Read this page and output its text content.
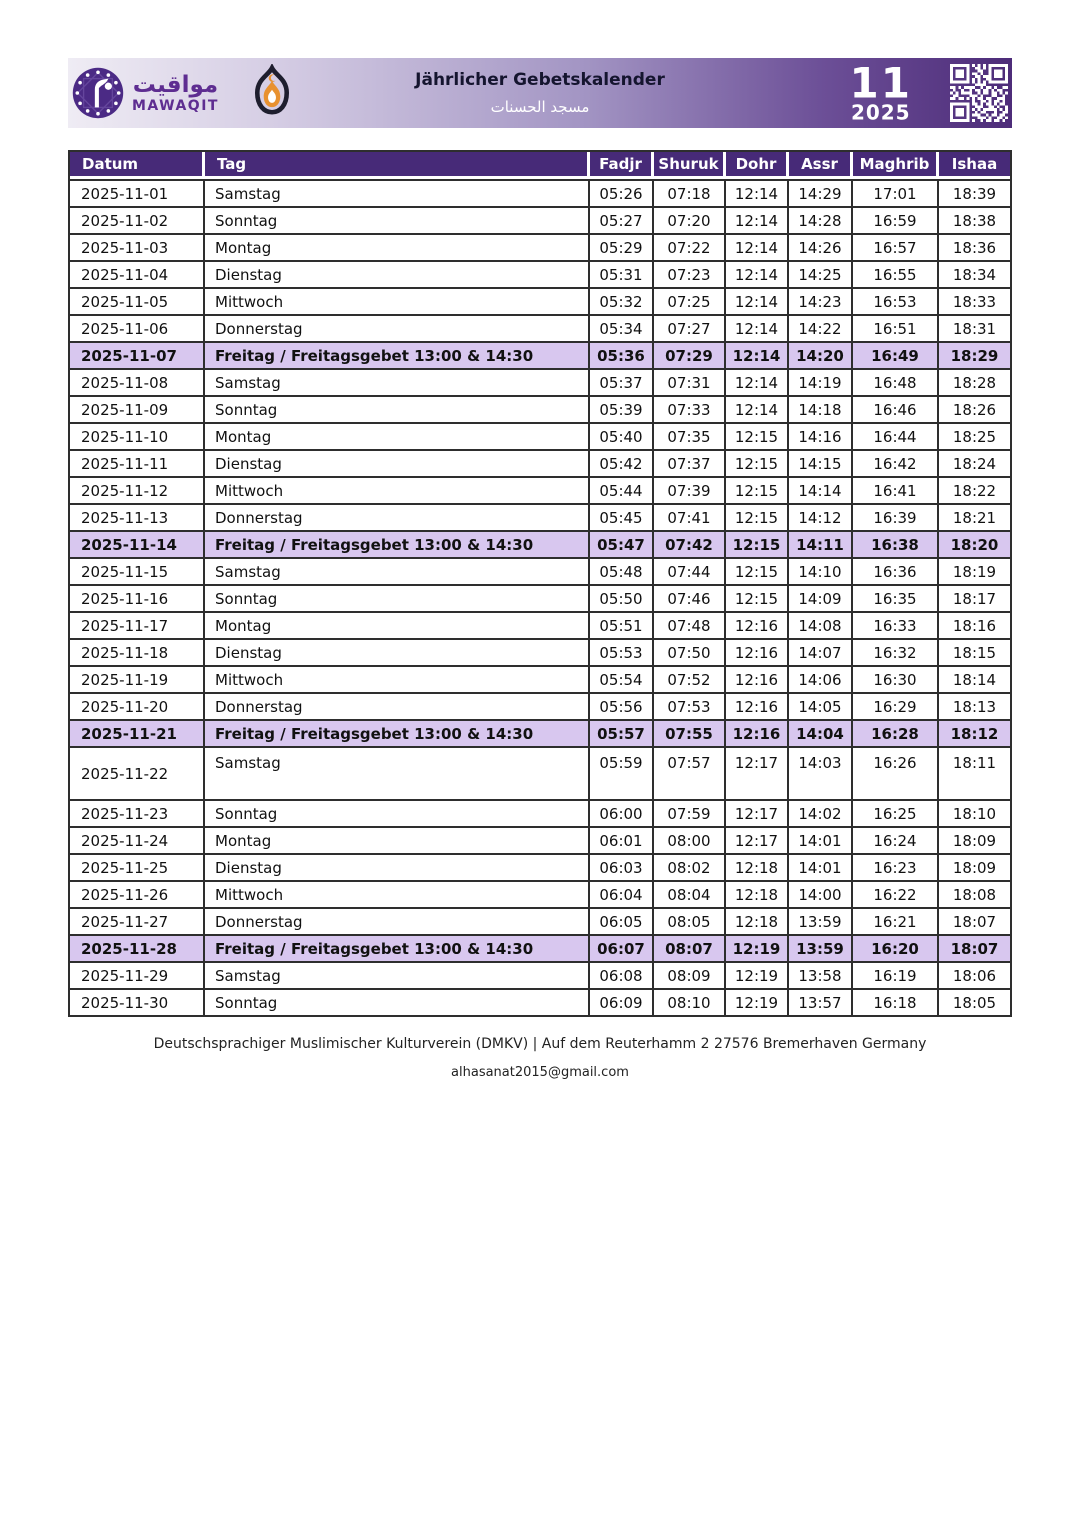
مواقيت
MAWAQIT
Jährlicher Gebetskalender
مسجد الحسنات	11
2025
Datum	Tag	Fadjr	Shuruk	Dohr	Assr	Maghrib	Ishaa
2025-11-01	Samstag	05:26	07:18	12:14	14:29	17:01	18:39
2025-11-02	Sonntag	05:27	07:20	12:14	14:28	16:59	18:38
2025-11-03	Montag	05:29	07:22	12:14	14:26	16:57	18:36
2025-11-04	Dienstag	05:31	07:23	12:14	14:25	16:55	18:34
2025-11-05	Mittwoch	05:32	07:25	12:14	14:23	16:53	18:33
2025-11-06	Donnerstag	05:34	07:27	12:14	14:22	16:51	18:31
2025-11-07	Freitag / Freitagsgebet 13:00 & 14:30	05:36	07:29	12:14	14:20	16:49	18:29
2025-11-08	Samstag	05:37	07:31	12:14	14:19	16:48	18:28
2025-11-09	Sonntag	05:39	07:33	12:14	14:18	16:46	18:26
2025-11-10	Montag	05:40	07:35	12:15	14:16	16:44	18:25
2025-11-11	Dienstag	05:42	07:37	12:15	14:15	16:42	18:24
2025-11-12	Mittwoch	05:44	07:39	12:15	14:14	16:41	18:22
2025-11-13	Donnerstag	05:45	07:41	12:15	14:12	16:39	18:21
2025-11-14	Freitag / Freitagsgebet 13:00 & 14:30	05:47	07:42	12:15	14:11	16:38	18:20
2025-11-15	Samstag	05:48	07:44	12:15	14:10	16:36	18:19
2025-11-16	Sonntag	05:50	07:46	12:15	14:09	16:35	18:17
2025-11-17	Montag	05:51	07:48	12:16	14:08	16:33	18:16
2025-11-18	Dienstag	05:53	07:50	12:16	14:07	16:32	18:15
2025-11-19	Mittwoch	05:54	07:52	12:16	14:06	16:30	18:14
2025-11-20	Donnerstag	05:56	07:53	12:16	14:05	16:29	18:13
2025-11-21	Freitag / Freitagsgebet 13:00 & 14:30	05:57	07:55	12:16	14:04	16:28	18:12
2025-11-22	Samstag	05:59	07:57	12:17	14:03	16:26	18:11
2025-11-23	Sonntag	06:00	07:59	12:17	14:02	16:25	18:10
2025-11-24	Montag	06:01	08:00	12:17	14:01	16:24	18:09
2025-11-25	Dienstag	06:03	08:02	12:18	14:01	16:23	18:09
2025-11-26	Mittwoch	06:04	08:04	12:18	14:00	16:22	18:08
2025-11-27	Donnerstag	06:05	08:05	12:18	13:59	16:21	18:07
2025-11-28	Freitag / Freitagsgebet 13:00 & 14:30	06:07	08:07	12:19	13:59	16:20	18:07
2025-11-29	Samstag	06:08	08:09	12:19	13:58	16:19	18:06
2025-11-30	Sonntag	06:09	08:10	12:19	13:57	16:18	18:05
Deutschsprachiger Muslimischer Kulturverein (DMKV) | Auf dem Reuterhamm 2 27576 Bremerhaven Germany
alhasanat2015@gmail.com
